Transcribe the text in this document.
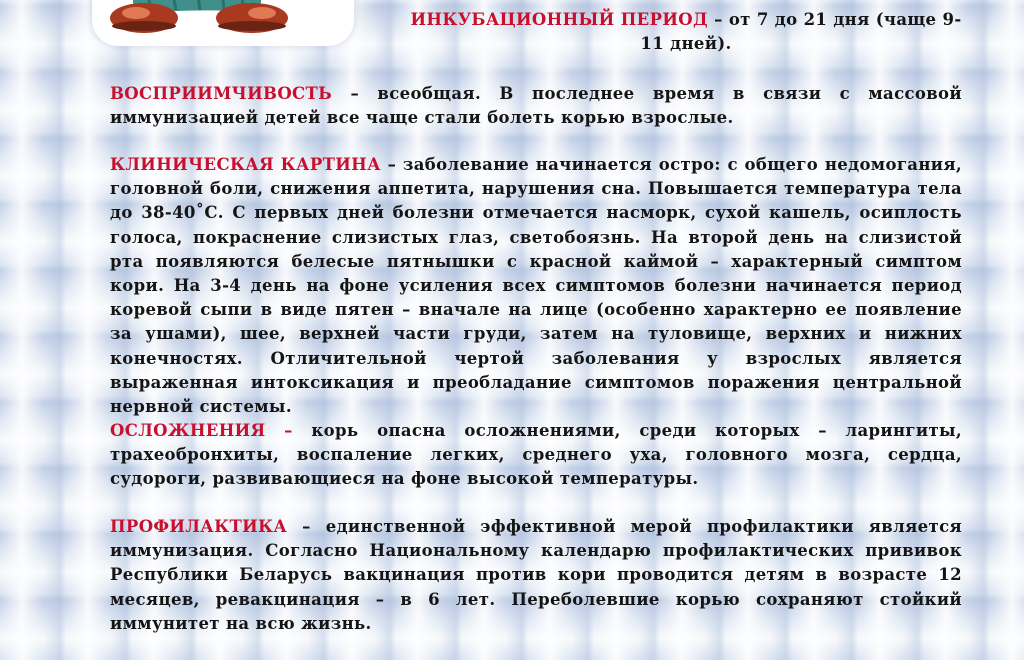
ИНКУБАЦИОННЫЙ ПЕРИОД – от 7 до 21 дня (чаще 9-11 дней).

ВОСПРИИМЧИВОСТЬ – всеобщая. В последнее время в связи с массовой иммунизацией детей все чаще стали болеть корью взрослые.

КЛИНИЧЕСКАЯ КАРТИНА – заболевание начинается остро: с общего недомогания, головной боли, снижения аппетита, нарушения сна. Повышается температура тела до 38-40˚С. С первых дней болезни отмечается насморк, сухой кашель, осиплость голоса, покраснение слизистых глаз, светобоязнь. На второй день на слизистой рта появляются белесые пятнышки с красной каймой – характерный симптом кори. На 3-4 день на фоне усиления всех симптомов болезни начинается период коревой сыпи в виде пятен – вначале на лице (особенно характерно ее появление за ушами), шее, верхней части груди, затем на туловище, верхних и нижних конечностях. Отличительной чертой заболевания у взрослых является выраженная интоксикация и преобладание симптомов поражения центральной нервной системы.

ОСЛОЖНЕНИЯ – корь опасна осложнениями, среди которых – ларингиты, трахеобронхиты, воспаление легких, среднего уха, головного мозга, сердца, судороги, развивающиеся на фоне высокой температуры.

ПРОФИЛАКТИКА – единственной эффективной мерой профилактики является иммунизация. Согласно Национальному календарю профилактических прививок Республики Беларусь вакцинация против кори проводится детям в возрасте 12 месяцев, ревакцинация – в 6 лет. Переболевшие корью сохраняют стойкий иммунитет на всю жизнь.
